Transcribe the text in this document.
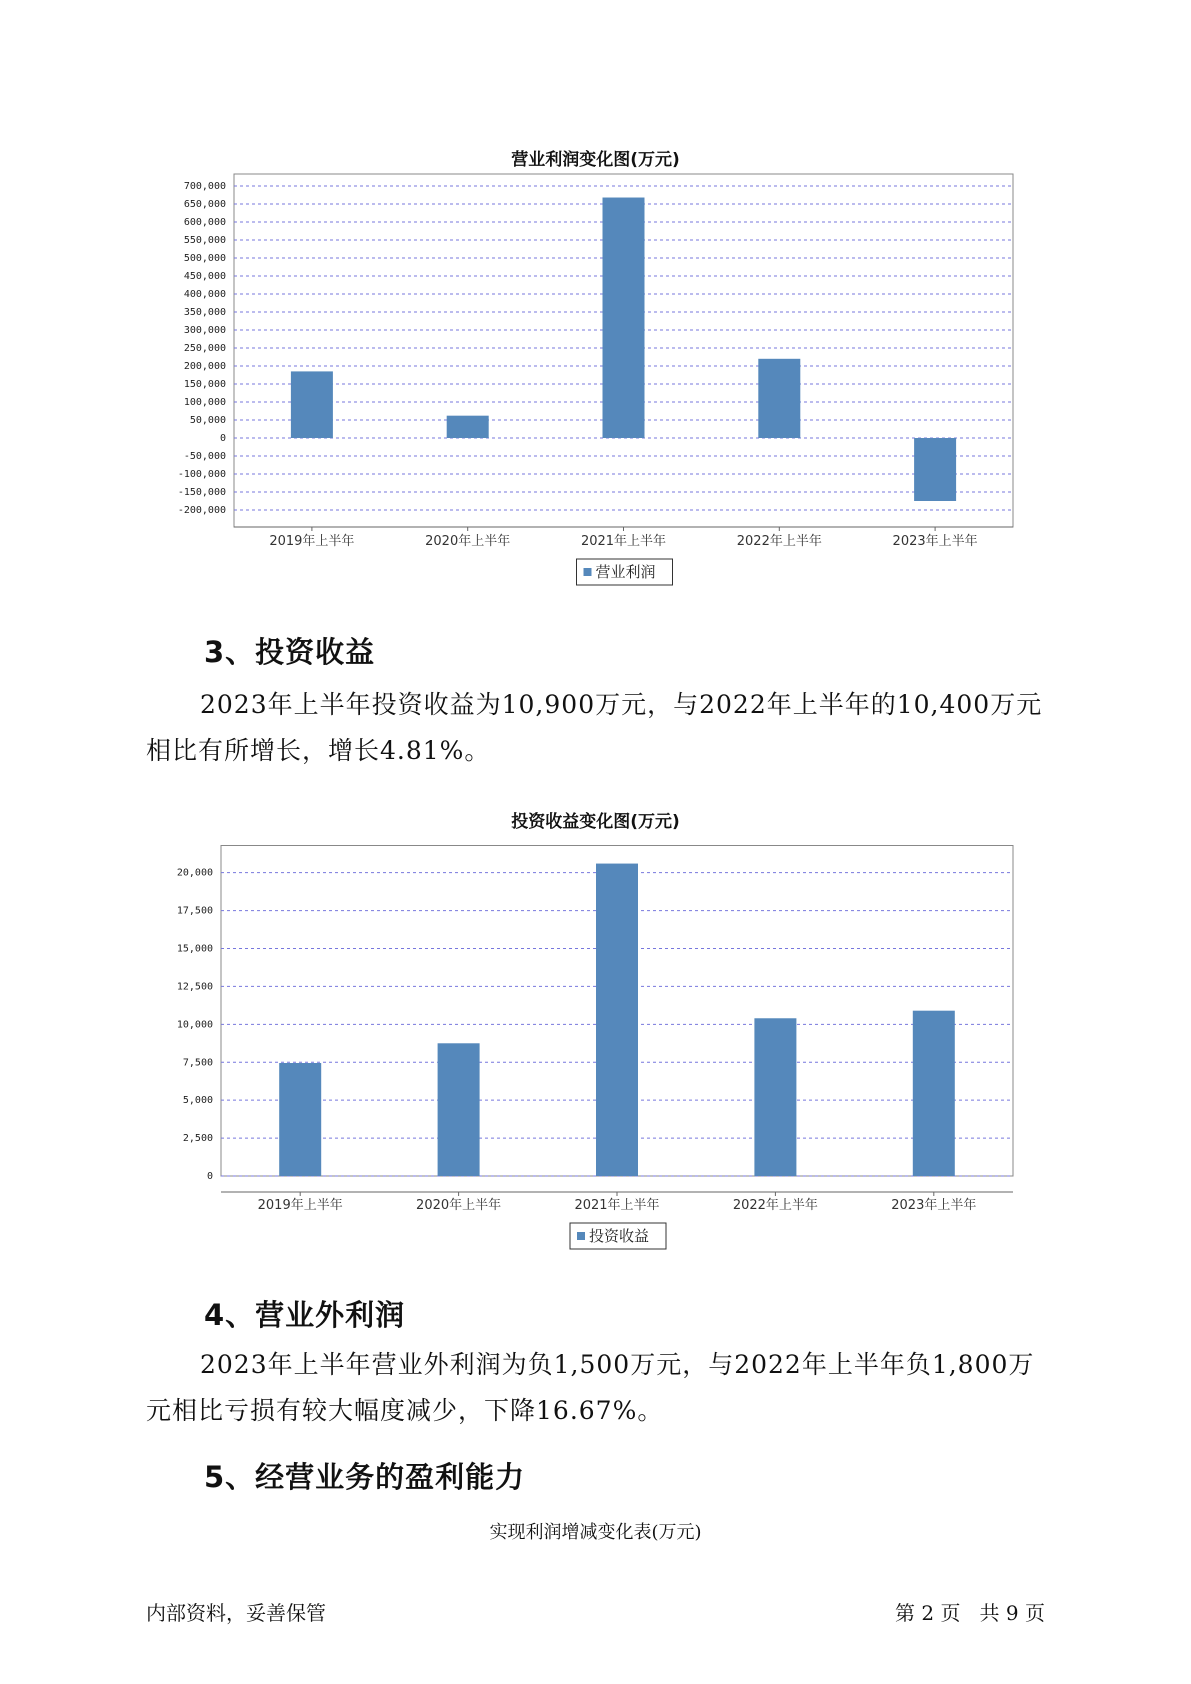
营业利润变化图(万元)
700,000
650,000
600,000
550,000
500,000
450,000
400,000
350,000
300,000
250,000
200,000
150,000
100,000
50,000
0
-50,000
-100,000
-150,000
-200,000
2019年上半年	2020年上半年	2021年上半年	2022年上半年	2023年上半年
营业利润
3、投资收益
2023年上半年投资收益为10,900万元，与2022年上半年的10,400万元
相比有所增长，增长4.81%。
投资收益变化图(万元)
20,000
17,500
15,000
12,500
10,000
7,500
5,000
2,500
0
2019年上半年	2020年上半年	2021年上半年	2022年上半年	2023年上半年
投资收益
4、营业外利润
2023年上半年营业外利润为负1,500万元，与2022年上半年负1,800万
元相比亏损有较大幅度减少，下降16.67%。
5、经营业务的盈利能力
实现利润增减变化表(万元)
内部资料，妥善保管	第 2 页   共 9 页
